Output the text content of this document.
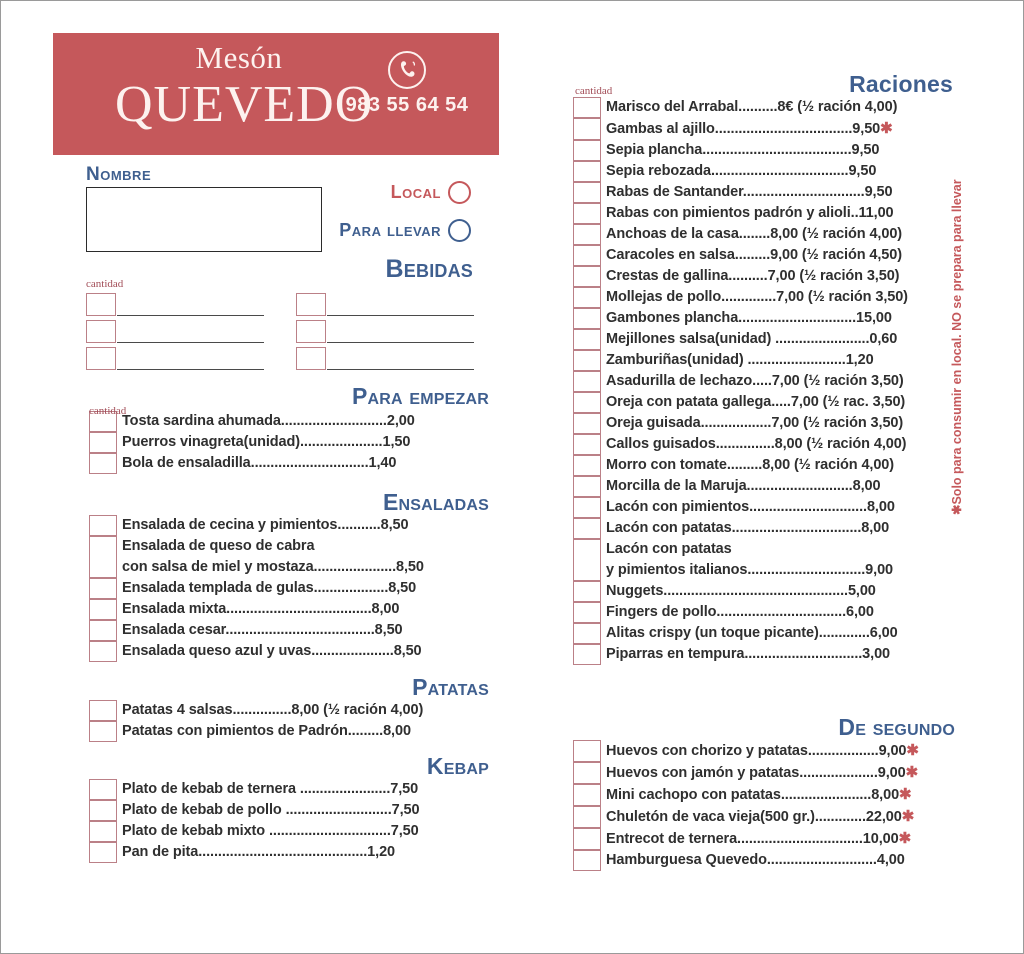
Mesón
QUEVEDO
983 55 64 54
Nombre
Local
Para llevar
Bebidas
cantidad
Para empezar
cantidad
Tosta sardina ahumada...........................2,00
Puerros vinagreta(unidad).....................1,50
Bola de ensaladilla..............................1,40
Ensaladas
Ensalada de cecina y pimientos...........8,50
Ensalada de queso de cabra
con salsa de miel y mostaza.....................8,50
Ensalada templada de gulas...................8,50
Ensalada mixta.....................................8,00
Ensalada cesar......................................8,50
Ensalada queso azul y uvas.....................8,50
Patatas
Patatas 4 salsas...............8,00 (½ ración 4,00)
Patatas con pimientos de Padrón.........8,00
Kebap
Plato de kebab de ternera .......................7,50
Plato de kebab de pollo ...........................7,50
Plato de kebab mixto ...............................7,50
Pan de pita...........................................1,20
cantidad	Raciones
Marisco del Arrabal..........8€ (½ ración 4,00)
Gambas al ajillo...................................9,50✱
Sepia plancha......................................9,50
Sepia rebozada...................................9,50
Rabas de Santander...............................9,50
Rabas con pimientos padrón y alioli..11,00
Anchoas de la casa........8,00 (½ ración 4,00)
Caracoles en salsa.........9,00 (½ ración 4,50)
Crestas de gallina..........7,00 (½ ración 3,50)
Mollejas de pollo..............7,00 (½ ración 3,50)
Gambones plancha..............................15,00
Mejillones salsa(unidad) ........................0,60
Zamburiñas(unidad) .........................1,20
Asadurilla de lechazo.....7,00 (½ ración 3,50)
Oreja con patata gallega.....7,00 (½ rac. 3,50)
Oreja guisada..................7,00 (½ ración 3,50)
Callos guisados...............8,00 (½ ración 4,00)
Morro con tomate.........8,00 (½ ración 4,00)
Morcilla de la Maruja...........................8,00
Lacón con pimientos..............................8,00
Lacón con patatas.................................8,00
Lacón con patatas
y pimientos italianos..............................9,00
Nuggets...............................................5,00
Fingers de pollo.................................6,00
Alitas crispy (un toque picante).............6,00
Piparras en tempura..............................3,00
De segundo
Huevos con chorizo y patatas..................9,00✱
Huevos con jamón y patatas....................9,00✱
Mini cachopo con patatas.......................8,00✱
Chuletón de vaca vieja(500 gr.).............22,00✱
Entrecot de ternera................................10,00✱
Hamburguesa Quevedo............................4,00
✱Solo para consumir en local. NO se prepara para llevar
